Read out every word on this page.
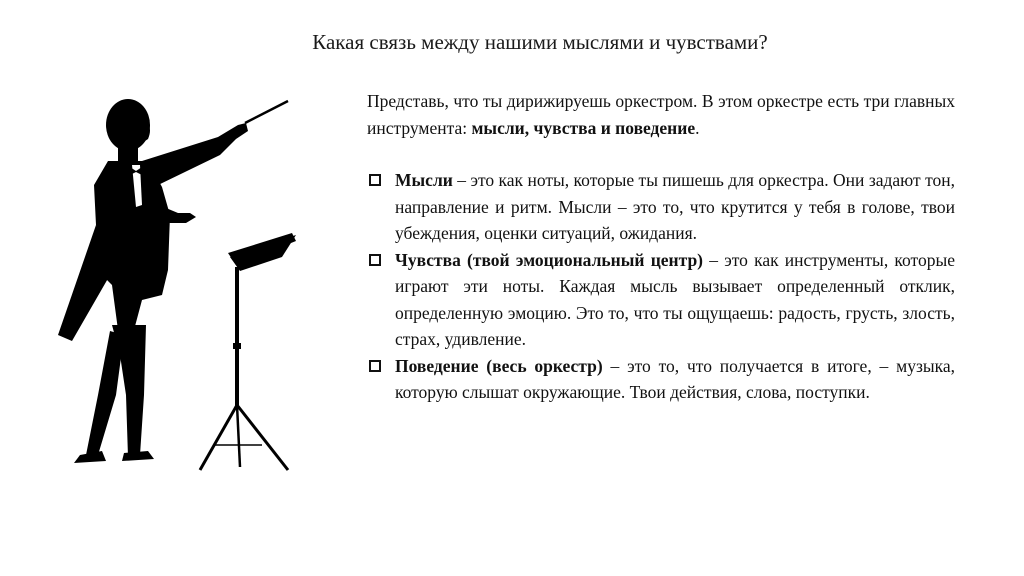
Какая связь между нашими мыслями и чувствами?

Представь, что ты дирижируешь оркестром. В этом оркестре есть три главных инструмента: мысли, чувства и поведение.

Мысли – это как ноты, которые ты пишешь для оркестра. Они задают тон, направление и ритм. Мысли – это то, что крутится у тебя в голове, твои убеждения, оценки ситуаций, ожидания.
Чувства (твой эмоциональный центр) – это как инструменты, которые играют эти ноты. Каждая мысль вызывает определенный отклик, определенную эмоцию. Это то, что ты ощущаешь: радость, грусть, злость, страх, удивление.
Поведение (весь оркестр) – это то, что получается в итоге, – музыка, которую слышат окружающие. Твои действия, слова, поступки.
